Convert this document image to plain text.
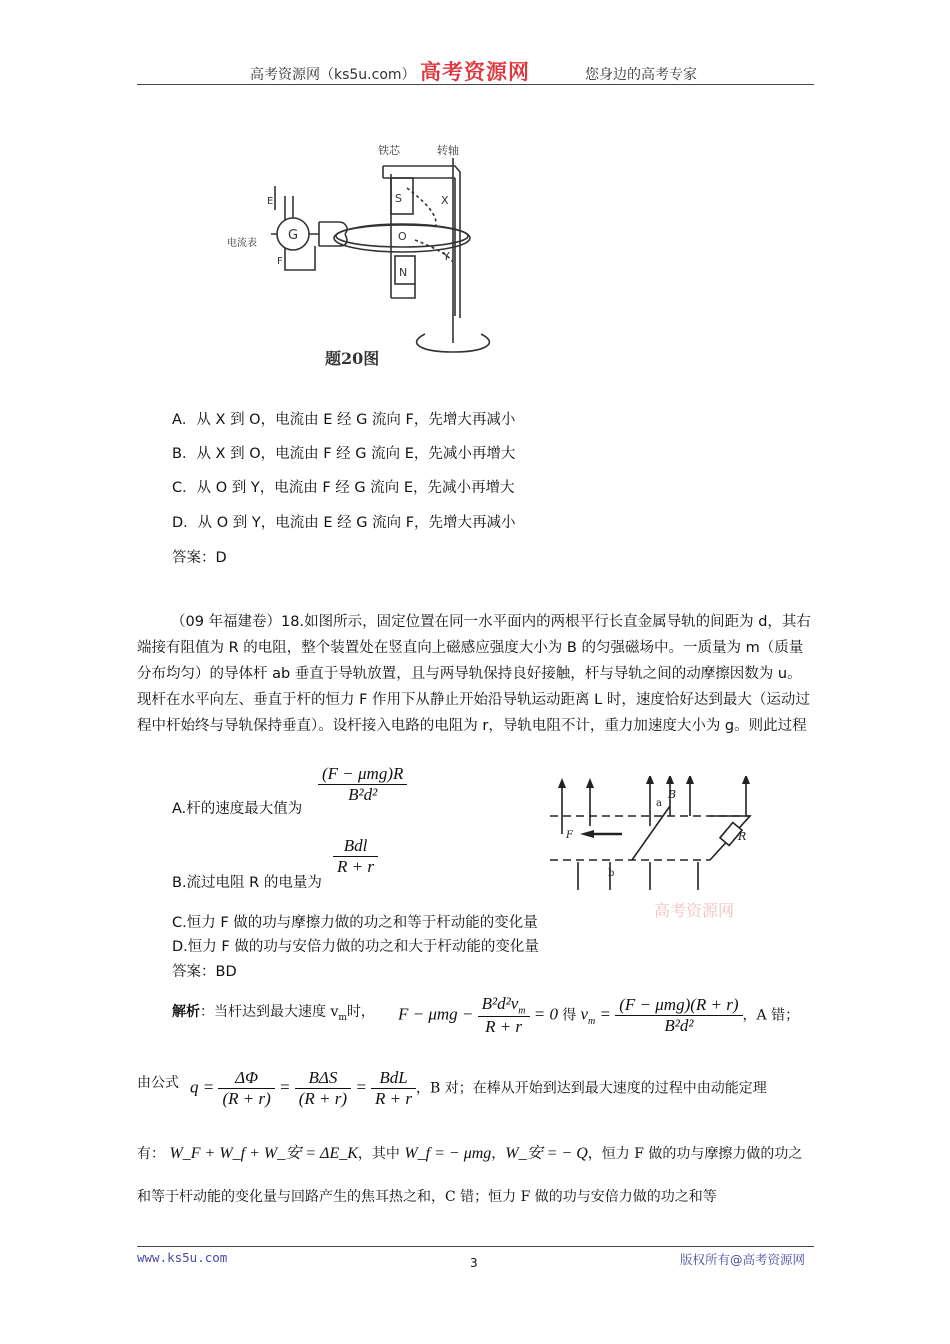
高考资源网（ks5u.com） 高考资源网	您身边的高考专家
铁芯	转轴
E
F
G
电流表
S
N
O
X
Y
题20图
A．从 X 到 O，电流由 E 经 G 流向 F，先增大再减小
B．从 X 到 O，电流由 F 经 G 流向 E，先减小再增大
C．从 O 到 Y，电流由 F 经 G 流向 E，先减小再增大
D．从 O 到 Y，电流由 E 经 G 流向 F，先增大再减小
答案：D
（09 年福建卷）18.如图所示，固定位置在同一水平面内的两根平行长直金属导轨的间距为 d，其右端接有阻值为 R 的电阻，整个装置处在竖直向上磁感应强度大小为 B 的匀强磁场中。一质量为 m（质量分布均匀）的导体杆 ab 垂直于导轨放置，且与两导轨保持良好接触，杆与导轨之间的动摩擦因数为 u。现杆在水平向左、垂直于杆的恒力 F 作用下从静止开始沿导轨运动距离 L 时，速度恰好达到最大（运动过程中杆始终与导轨保持垂直）。设杆接入电路的电阻为 r，导轨电阻不计，重力加速度大小为 g。则此过程
A.杆的速度最大值为
$\frac{\text{(F − μmg)R}}{\text{B²d²}}$
B.流过电阻 R 的电量为
$\frac{\text{Bdl}}{R + r}$
B
a
b
F	R
高考资源网
C.恒力 F 做的功与摩擦力做的功之和等于杆动能的变化量
D.恒力 F 做的功与安倍力做的功之和大于杆动能的变化量
答案：BD
解析：当杆达到最大速度 $v_m$时， $F - \mu mg - \frac{B^2d^2v_m}{R + r} = 0$ 得 $v_m = \frac{\text{(F − μmg)(R + r)}}{\text{B²d²}}$ ，A 错；
由公式 $q = \frac{\Delta\Phi}{(R + r)} = \frac{\text{BΔS}}{(R + r)} = \frac{\text{BdL}}{R + r}$ ，B 对；在棒从开始到达到最大速度的过程中由动能定理
有： W_F + W_f + W_安 = ΔE_K，其中 W_f = − μmg，W_安 = − Q，恒力 F 做的功与摩擦力做的功之
和等于杆动能的变化量与回路产生的焦耳热之和，C 错；恒力 F 做的功与安倍力做的功之和等
www.ks5u.com	3	版权所有@高考资源网
